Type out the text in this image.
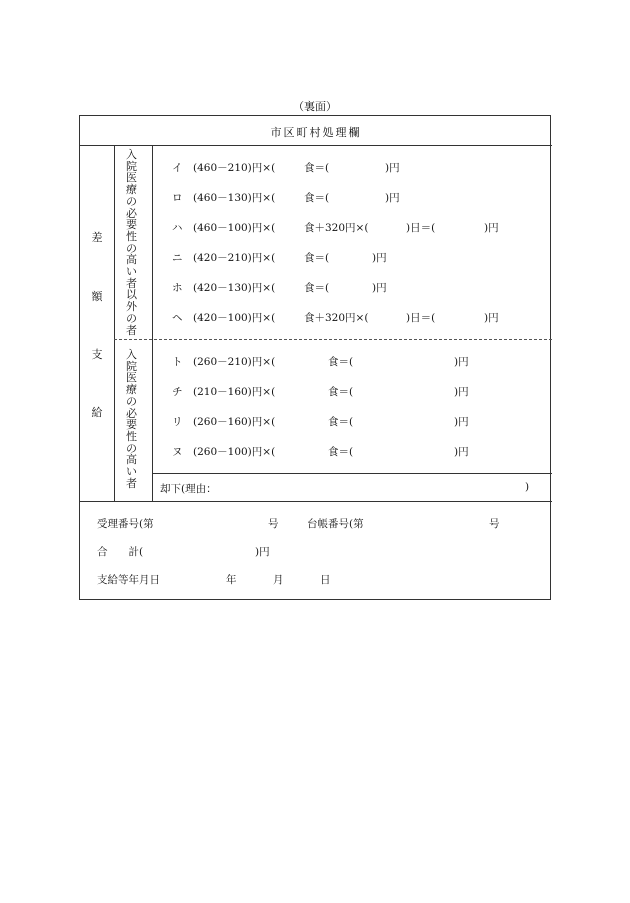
（裏面）
市区町村処理欄
差
額
支
給
入院医療の必要性の高い者以外の者
入院医療の必要性の高い者
イ (460－210)円×(	食＝(	)円
ロ (460－130)円×(	食＝(	)円
ハ (460－100)円×(	食＋320円×(	)日＝(	)円
ニ (420－210)円×(	食＝(	)円
ホ (420－130)円×(	食＝(	)円
ヘ (420－100)円×(	食＋320円×(	)日＝(	)円
ト (260－210)円×(	食＝(	)円
チ (210－160)円×(	食＝(	)円
リ (260－160)円×(	食＝(	)円
ヌ (260－100)円×(	食＝(	)円
却下(理由：	)
受理番号(第	号	台帳番号(第	号
合　　計(	)円
支給等年月日	年	月	日
